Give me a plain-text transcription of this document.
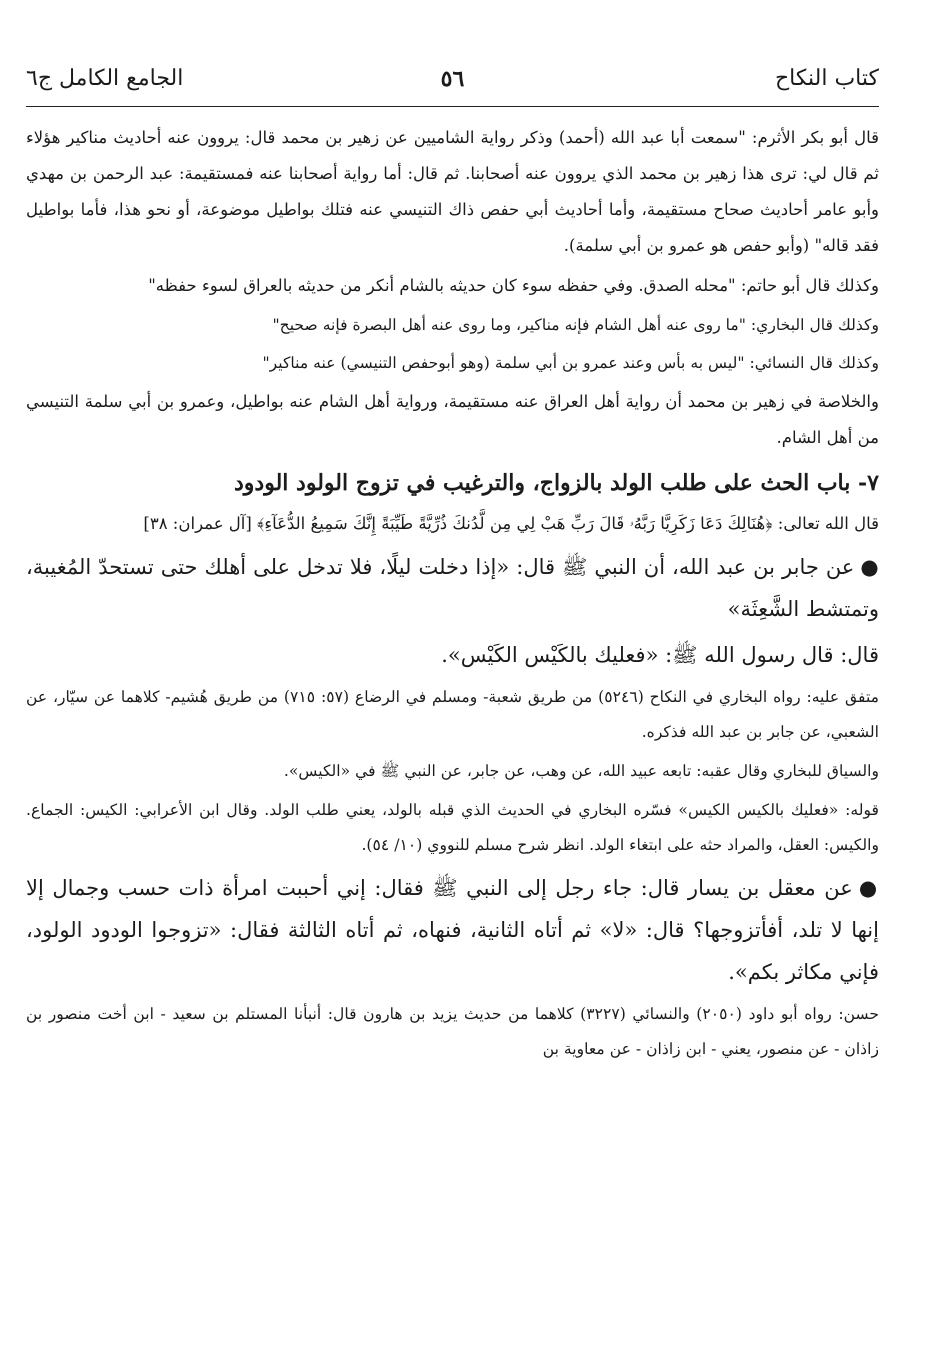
كتاب النكاح
٥٦
الجامع الكامل ج٦

قال أبو بكر الأثرم: "سمعت أبا عبد الله (أحمد) وذكر رواية الشاميين عن زهير بن محمد قال: يروون عنه أحاديث مناكير هؤلاء ثم قال لي: ترى هذا زهير بن محمد الذي يروون عنه أصحابنا. ثم قال: أما رواية أصحابنا عنه فمستقيمة: عبد الرحمن بن مهدي وأبو عامر أحاديث صحاح مستقيمة، وأما أحاديث أبي حفص ذاك التنيسي عنه فتلك بواطيل موضوعة، أو نحو هذا، فأما بواطيل فقد قاله" (وأبو حفص هو عمرو بن أبي سلمة).

وكذلك قال أبو حاتم: "محله الصدق. وفي حفظه سوء كان حديثه بالشام أنكر من حديثه بالعراق لسوء حفظه"

وكذلك قال البخاري: "ما روى عنه أهل الشام فإنه مناكير، وما روى عنه أهل البصرة فإنه صحيح"

وكذلك قال النسائي: "ليس به بأس وعند عمرو بن أبي سلمة (وهو أبوحفص التنيسي) عنه مناكير"

والخلاصة في زهير بن محمد أن رواية أهل العراق عنه مستقيمة، ورواية أهل الشام عنه بواطيل، وعمرو بن أبي سلمة التنيسي من أهل الشام.

٧- باب الحث على طلب الولد بالزواج، والترغيب في تزوج الولود الودود

قال الله تعالى: ﴿هُنَالِكَ دَعَا زَكَرِيَّا رَبَّهُۥ قَالَ رَبِّ هَبْ لِي مِن لَّدُنكَ ذُرِّيَّةً طَيِّبَةً إِنَّكَ سَمِيعُ الدُّعَآءِ﴾ [آل عمران: ٣٨]

●عن جابر بن عبد الله، أن النبي ﷺ قال: «إذا دخلت ليلًا، فلا تدخل على أهلك حتى تستحدّ المُغيبة، وتمتشط الشَّعِثَة»

قال: قال رسول الله ﷺ: «فعليك بالكَيْس الكَيْس».

متفق عليه: رواه البخاري في النكاح (٥٢٤٦) من طريق شعبة- ومسلم في الرضاع (٥٧: ٧١٥) من طريق هُشيم- كلاهما عن سيّار، عن الشعبي، عن جابر بن عبد الله فذكره.

والسياق للبخاري وقال عقبه: تابعه عبيد الله، عن وهب، عن جابر، عن النبي ﷺ في «الكيس».

قوله: «فعليك بالكيس الكيس» فسّره البخاري في الحديث الذي قبله بالولد، يعني طلب الولد. وقال ابن الأعرابي: الكيس: الجماع. والكيس: العقل، والمراد حثه على ابتغاء الولد. انظر شرح مسلم للنووي (١٠/ ٥٤).

●عن معقل بن يسار قال: جاء رجل إلى النبي ﷺ فقال: إني أحببت امرأة ذات حسب وجمال إلا إنها لا تلد، أفأتزوجها؟ قال: «لا» ثم أتاه الثانية، فنهاه، ثم أتاه الثالثة فقال: «تزوجوا الودود الولود، فإني مكاثر بكم».

حسن: رواه أبو داود (٢٠٥٠) والنسائي (٣٢٢٧) كلاهما من حديث يزيد بن هارون قال: أنبأنا المستلم بن سعيد - ابن أخت منصور بن زاذان - عن منصور، يعني - ابن زاذان - عن معاوية بن
